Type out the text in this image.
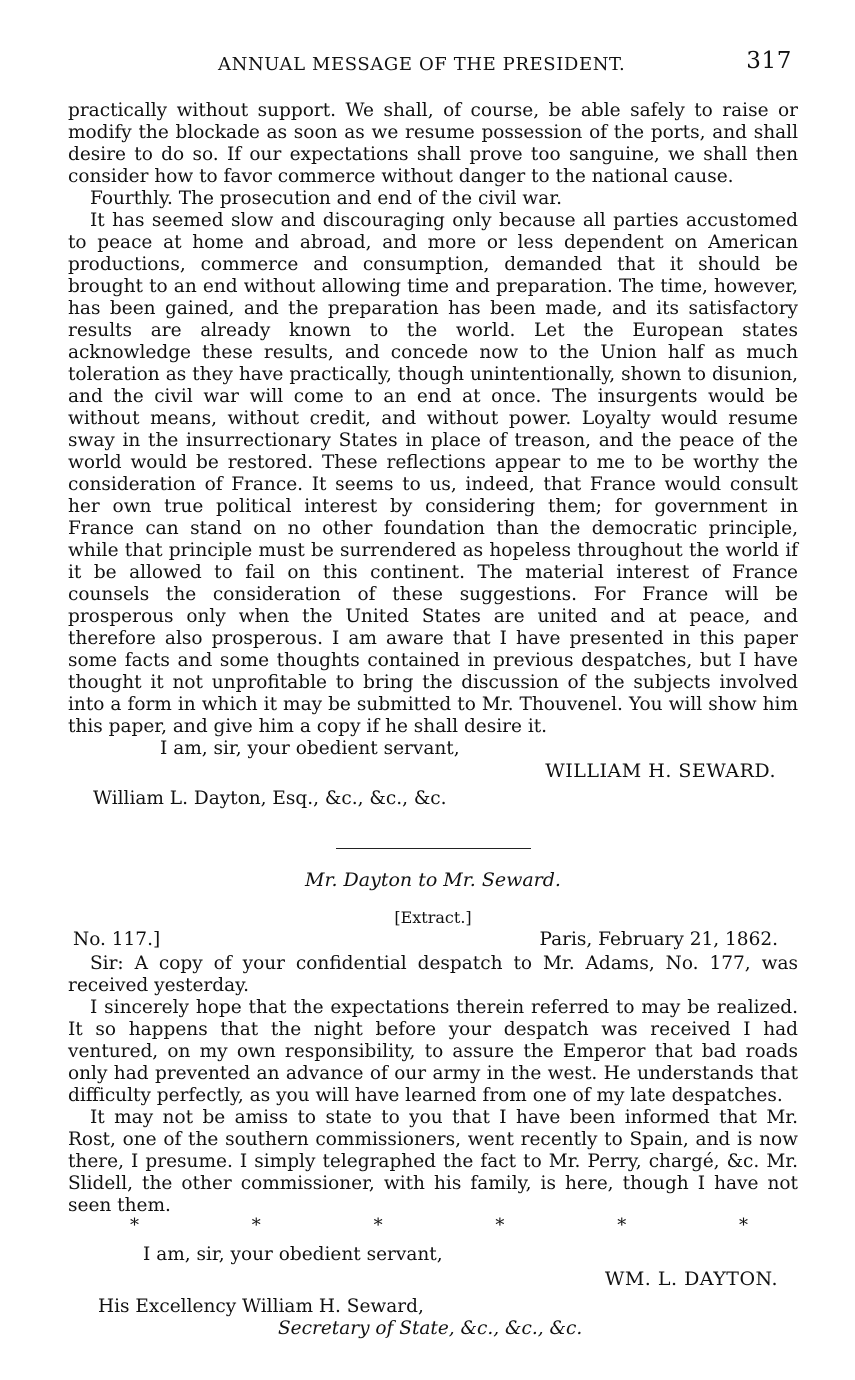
ANNUAL MESSAGE OF THE PRESIDENT.	317

practically without support. We shall, of course, be able safely to raise or modify the blockade as soon as we resume possession of the ports, and shall desire to do so. If our expectations shall prove too sanguine, we shall then consider how to favor commerce without danger to the national cause.

Fourthly. The prosecution and end of the civil war.

It has seemed slow and discouraging only because all parties accustomed to peace at home and abroad, and more or less dependent on American productions, commerce and consumption, demanded that it should be brought to an end without allowing time and preparation. The time, however, has been gained, and the preparation has been made, and its satisfactory results are already known to the world. Let the European states acknowledge these results, and concede now to the Union half as much toleration as they have practically, though unintentionally, shown to disunion, and the civil war will come to an end at once. The insurgents would be without means, without credit, and without power. Loyalty would resume sway in the insurrectionary States in place of treason, and the peace of the world would be restored. These reflections appear to me to be worthy the consideration of France. It seems to us, indeed, that France would consult her own true political interest by considering them; for government in France can stand on no other foundation than the democratic principle, while that principle must be surrendered as hopeless throughout the world if it be allowed to fail on this continent. The material interest of France counsels the consideration of these suggestions. For France will be prosperous only when the United States are united and at peace, and therefore also prosperous. I am aware that I have presented in this paper some facts and some thoughts contained in previous despatches, but I have thought it not unprofitable to bring the discussion of the subjects involved into a form in which it may be submitted to Mr. Thouvenel. You will show him this paper, and give him a copy if he shall desire it.

I am, sir, your obedient servant,

WILLIAM H. SEWARD.

William L. Dayton, Esq., &c., &c., &c.

Mr. Dayton to Mr. Seward.

[Extract.]

No. 117.]	Paris, February 21, 1862.

Sir: A copy of your confidential despatch to Mr. Adams, No. 177, was received yesterday.

I sincerely hope that the expectations therein referred to may be realized. It so happens that the night before your despatch was received I had ventured, on my own responsibility, to assure the Emperor that bad roads only had prevented an advance of our army in the west. He understands that difficulty perfectly, as you will have learned from one of my late despatches.

It may not be amiss to state to you that I have been informed that Mr. Rost, one of the southern commissioners, went recently to Spain, and is now there, I presume. I simply telegraphed the fact to Mr. Perry, chargé, &c. Mr. Slidell, the other commissioner, with his family, is here, though I have not seen them.

*	*	*	*	*	*
I am, sir, your obedient servant,
WM. L. DAYTON.

His Excellency William H. Seward,

Secretary of State, &c., &c., &c.
